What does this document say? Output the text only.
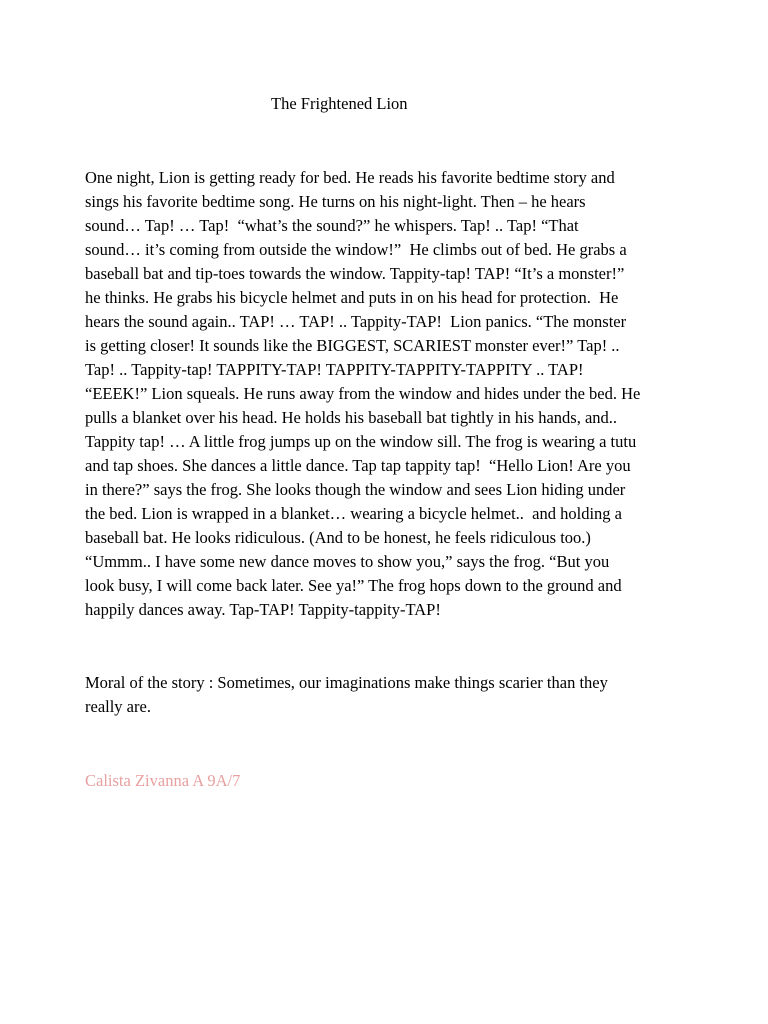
The Frightened Lion
One night, Lion is getting ready for bed. He reads his favorite bedtime story and
sings his favorite bedtime song. He turns on his night-light. Then – he hears
sound… Tap! … Tap!  “what’s the sound?” he whispers. Tap! .. Tap! “That
sound… it’s coming from outside the window!”  He climbs out of bed. He grabs a
baseball bat and tip-toes towards the window. Tappity-tap! TAP! “It’s a monster!”
he thinks. He grabs his bicycle helmet and puts in on his head for protection.  He
hears the sound again.. TAP! … TAP! .. Tappity-TAP!  Lion panics. “The monster
is getting closer! It sounds like the BIGGEST, SCARIEST monster ever!” Tap! ..
Tap! .. Tappity-tap! TAPPITY-TAP! TAPPITY-TAPPITY-TAPPITY .. TAP!
“EEEK!” Lion squeals. He runs away from the window and hides under the bed. He
pulls a blanket over his head. He holds his baseball bat tightly in his hands, and..
Tappity tap! … A little frog jumps up on the window sill. The frog is wearing a tutu
and tap shoes. She dances a little dance. Tap tap tappity tap!  “Hello Lion! Are you
in there?” says the frog. She looks though the window and sees Lion hiding under
the bed. Lion is wrapped in a blanket… wearing a bicycle helmet..  and holding a
baseball bat. He looks ridiculous. (And to be honest, he feels ridiculous too.)
“Ummm.. I have some new dance moves to show you,” says the frog. “But you
look busy, I will come back later. See ya!” The frog hops down to the ground and
happily dances away. Tap-TAP! Tappity-tappity-TAP!
Moral of the story : Sometimes, our imaginations make things scarier than they
really are.

Calista Zivanna A 9A/7
